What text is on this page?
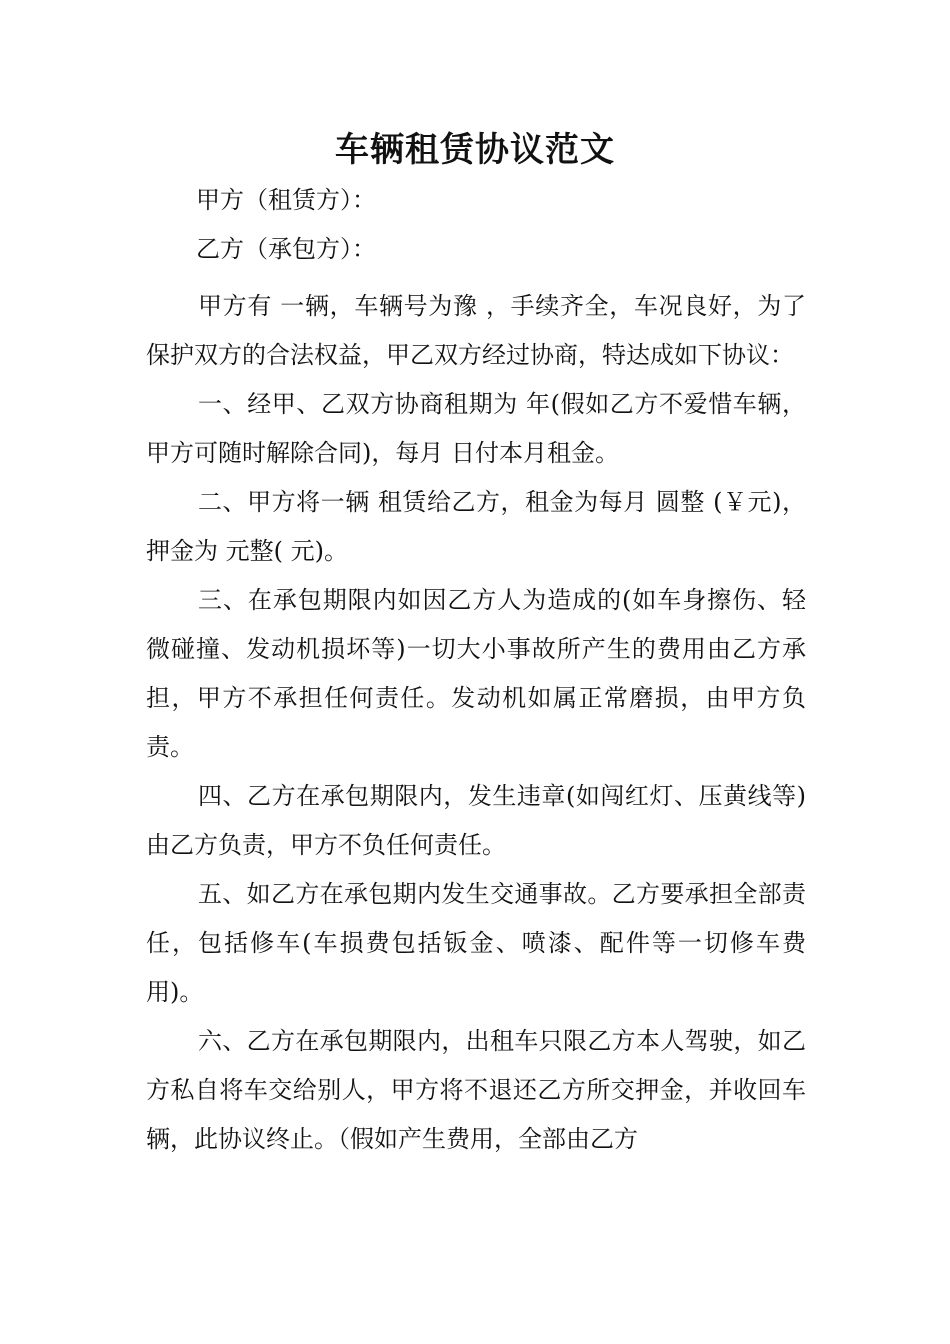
车辆租赁协议范文

甲方（租赁方）：

乙方（承包方）：

甲方有 一辆，车辆号为豫 ，手续齐全，车况良好，为了保护双方的合法权益，甲乙双方经过协商，特达成如下协议：

一、经甲、乙双方协商租期为 年(假如乙方不爱惜车辆，甲方可随时解除合同)，每月 日付本月租金。

二、甲方将一辆 租赁给乙方，租金为每月 圆整 (￥元)，押金为 元整( 元)。

三、在承包期限内如因乙方人为造成的(如车身擦伤、轻微碰撞、发动机损坏等)一切大小事故所产生的费用由乙方承担，甲方不承担任何责任。发动机如属正常磨损，由甲方负责。

四、乙方在承包期限内，发生违章(如闯红灯、压黄线等)由乙方负责，甲方不负任何责任。

五、如乙方在承包期内发生交通事故。乙方要承担全部责任，包括修车(车损费包括钣金、喷漆、配件等一切修车费用)。

六、乙方在承包期限内，出租车只限乙方本人驾驶，如乙方私自将车交给别人，甲方将不退还乙方所交押金，并收回车辆，此协议终止。（假如产生费用，全部由乙方
